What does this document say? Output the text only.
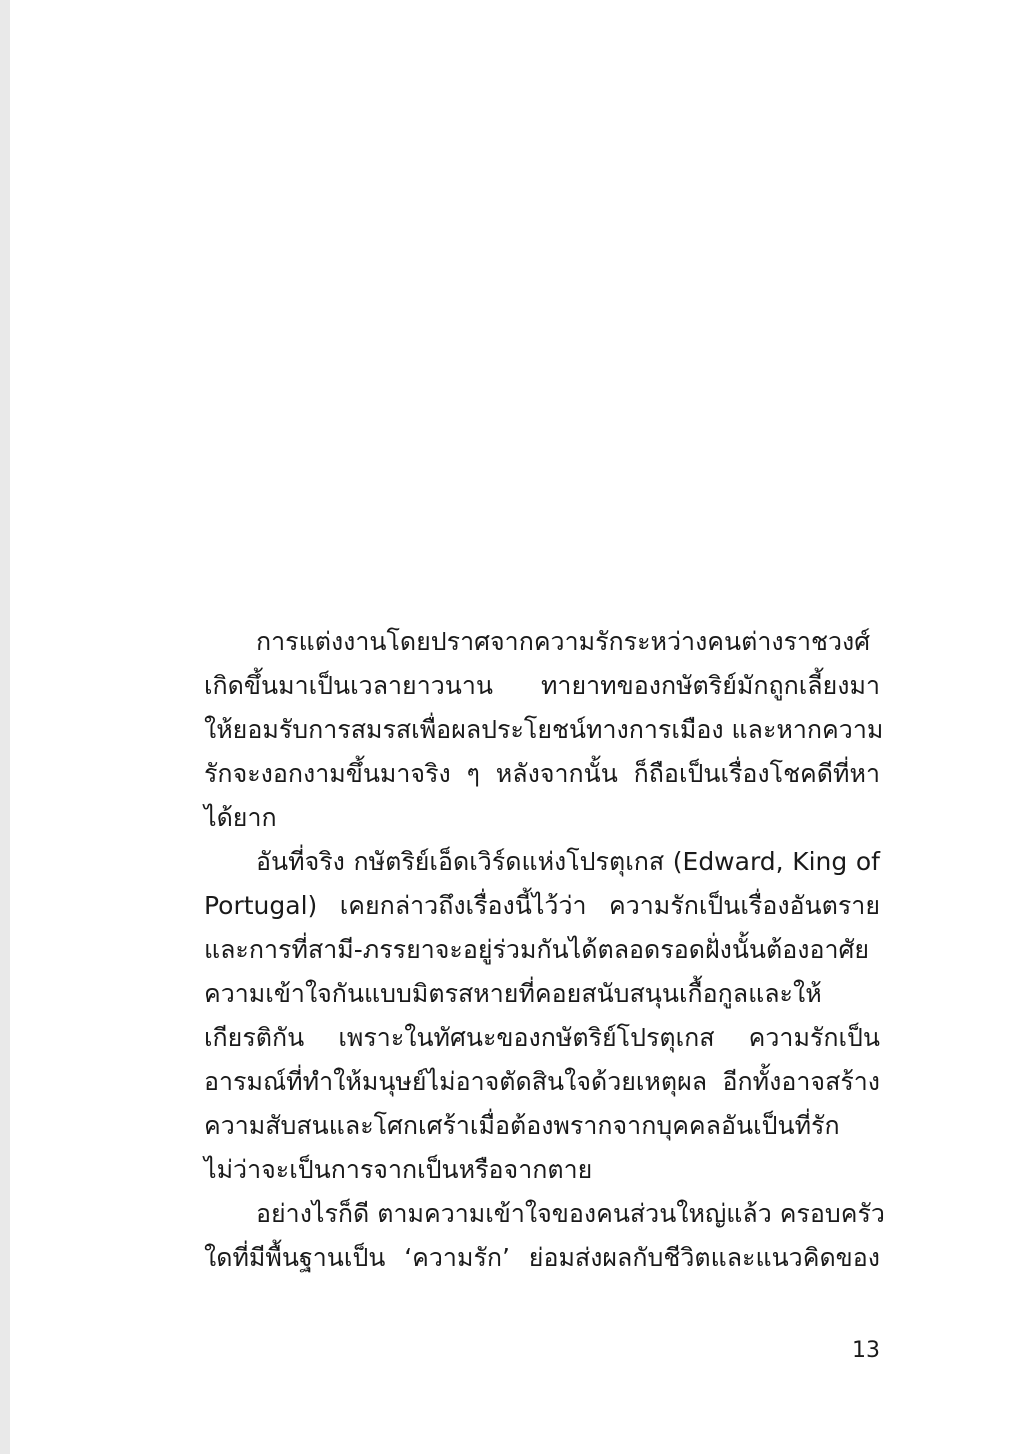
การแต่งงานโดยปราศจากความรักระหว่างคนต่างราชวงศ์
เกิดขึ้นมาเป็นเวลายาวนาน ทายาทของกษัตริย์มักถูกเลี้ยงมา
ให้ยอมรับการสมรสเพื่อผลประโยชน์ทางการเมือง และหากความ
รักจะงอกงามขึ้นมาจริง ๆ หลังจากนั้น ก็ถือเป็นเรื่องโชคดีที่หา
ได้ยาก
อันที่จริง กษัตริย์เอ็ดเวิร์ดแห่งโปรตุเกส (Edward, King of
Portugal) เคยกล่าวถึงเรื่องนี้ไว้ว่า ความรักเป็นเรื่องอันตราย
และการที่สามี-ภรรยาจะอยู่ร่วมกันได้ตลอดรอดฝั่งนั้นต้องอาศัย
ความเข้าใจกันแบบมิตรสหายที่คอยสนับสนุนเกื้อกูลและให้
เกียรติกัน เพราะในทัศนะของกษัตริย์โปรตุเกส ความรักเป็น
อารมณ์ที่ทำให้มนุษย์ไม่อาจตัดสินใจด้วยเหตุผล อีกทั้งอาจสร้าง
ความสับสนและโศกเศร้าเมื่อต้องพรากจากบุคคลอันเป็นที่รัก
ไม่ว่าจะเป็นการจากเป็นหรือจากตาย
อย่างไรก็ดี ตามความเข้าใจของคนส่วนใหญ่แล้ว ครอบครัว
ใดที่มีพื้นฐานเป็น ‘ความรัก’ ย่อมส่งผลกับชีวิตและแนวคิดของ
13
